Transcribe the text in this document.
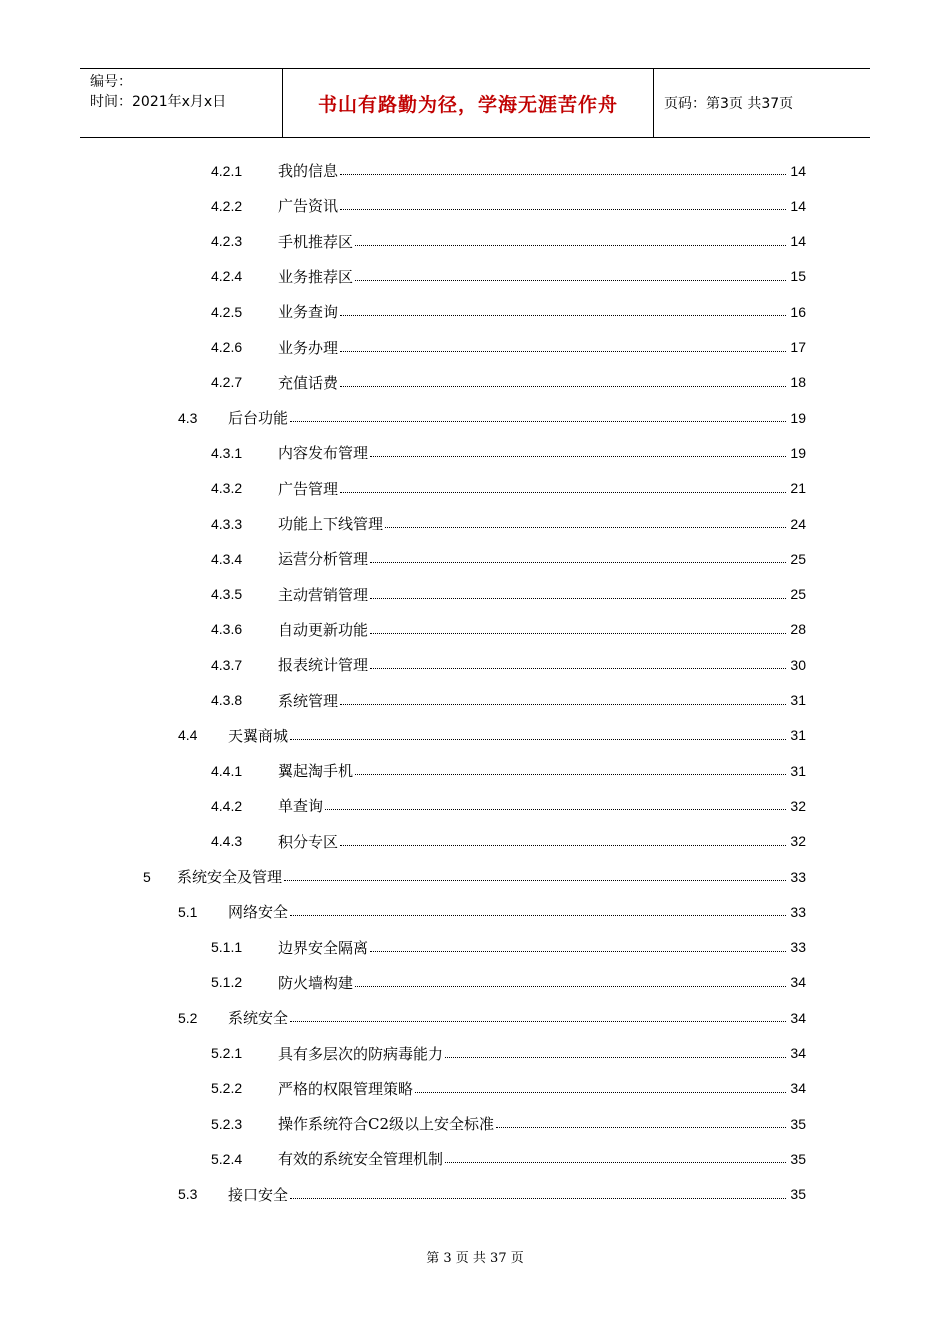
编号：
时间：2021年x月x日	书山有路勤为径，学海无涯苦作舟	页码：第3页 共37页
4.2.1	我的信息	14
4.2.2	广告资讯	14
4.2.3	手机推荐区	14
4.2.4	业务推荐区	15
4.2.5	业务查询	16
4.2.6	业务办理	17
4.2.7	充值话费	18
4.3	后台功能	19
4.3.1	内容发布管理	19
4.3.2	广告管理	21
4.3.3	功能上下线管理	24
4.3.4	运营分析管理	25
4.3.5	主动营销管理	25
4.3.6	自动更新功能	28
4.3.7	报表统计管理	30
4.3.8	系统管理	31
4.4	天翼商城	31
4.4.1	翼起淘手机	31
4.4.2	单查询	32
4.4.3	积分专区	32
5	系统安全及管理	33
5.1	网络安全	33
5.1.1	边界安全隔离	33
5.1.2	防火墙构建	34
5.2	系统安全	34
5.2.1	具有多层次的防病毒能力	34
5.2.2	严格的权限管理策略	34
5.2.3	操作系统符合C2级以上安全标准	35
5.2.4	有效的系统安全管理机制	35
5.3	接口安全	35
第 3 页 共 37 页
